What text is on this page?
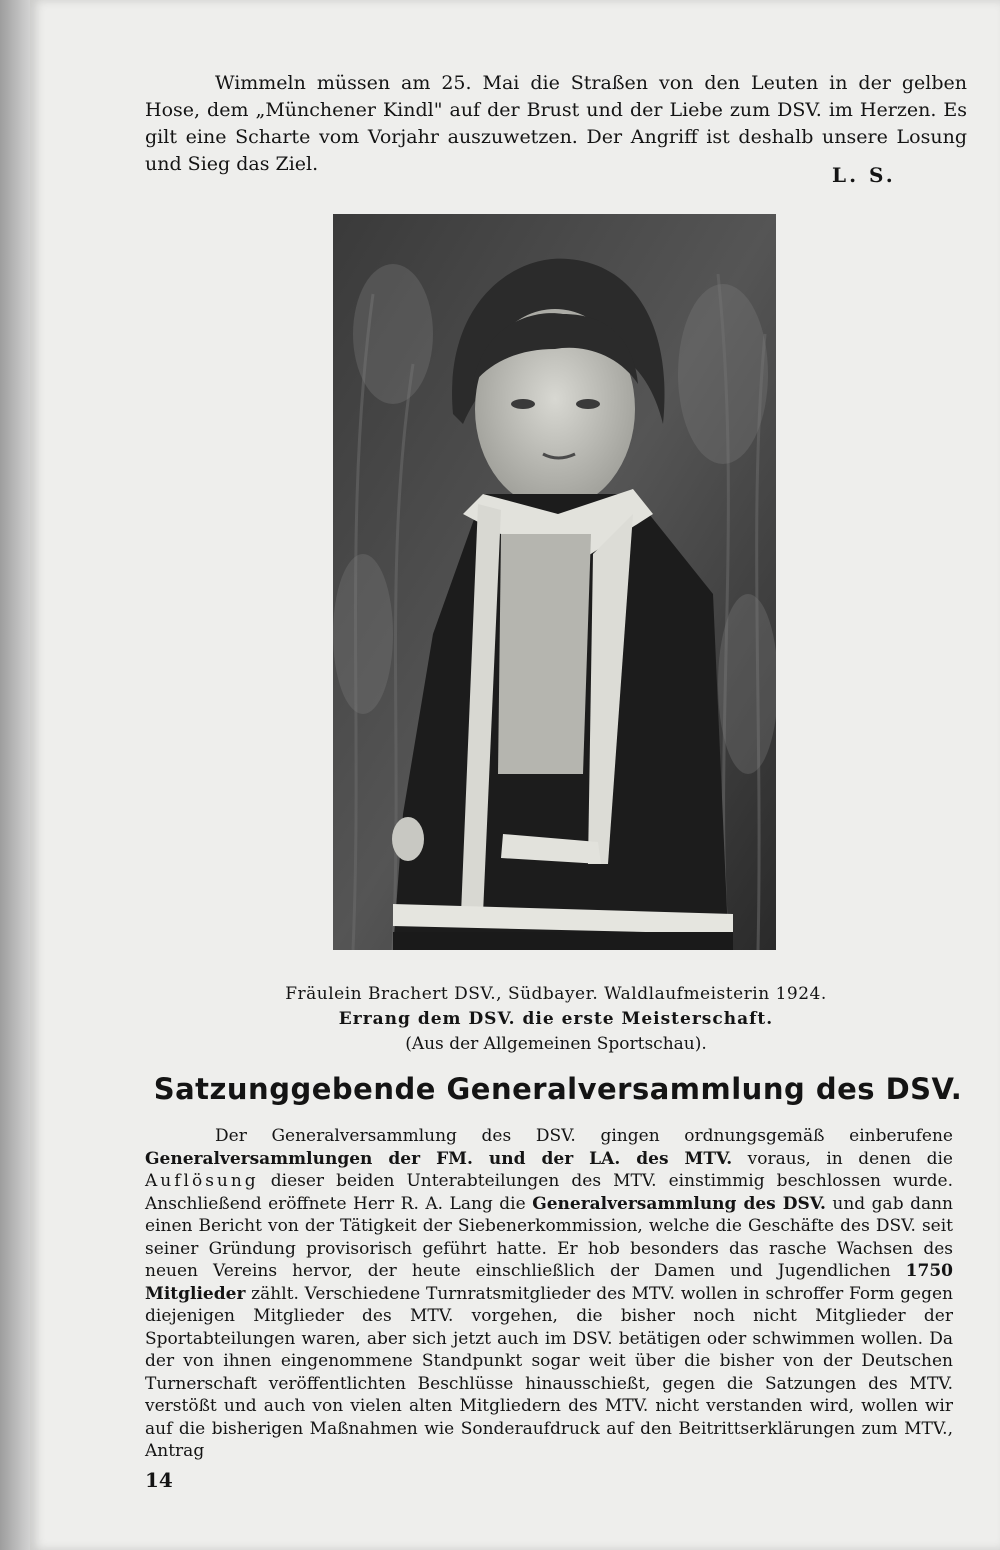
Wimmeln müssen am 25. Mai die Straßen von den Leuten in der gelben Hose, dem „Münchener Kindl" auf der Brust und der Liebe zum DSV. im Herzen. Es gilt eine Scharte vom Vorjahr auszuwetzen. Der Angriff ist deshalb unsere Losung und Sieg das Ziel.	L. S.
Fräulein Brachert DSV., Südbayer. Waldlaufmeisterin 1924.
Errang dem DSV. die erste Meisterschaft.
(Aus der Allgemeinen Sportschau).
Satzunggebende Generalversammlung des DSV.
Der Generalversammlung des DSV. gingen ordnungsgemäß einberufene Generalversammlungen der FM. und der LA. des MTV. voraus, in denen die Auflösung dieser beiden Unterabteilungen des MTV. einstimmig beschlossen wurde. Anschließend eröffnete Herr R. A. Lang die Generalversammlung des DSV. und gab dann einen Bericht von der Tätigkeit der Siebenerkommission, welche die Geschäfte des DSV. seit seiner Gründung provisorisch geführt hatte. Er hob besonders das rasche Wachsen des neuen Vereins hervor, der heute einschließlich der Damen und Jugendlichen 1750 Mitglieder zählt. Verschiedene Turnratsmitglieder des MTV. wollen in schroffer Form gegen diejenigen Mitglieder des MTV. vorgehen, die bisher noch nicht Mitglieder der Sportabteilungen waren, aber sich jetzt auch im DSV. betätigen oder schwimmen wollen. Da der von ihnen eingenommene Standpunkt sogar weit über die bisher von der Deutschen Turnerschaft veröffentlichten Beschlüsse hinausschießt, gegen die Satzungen des MTV. verstößt und auch von vielen alten Mitgliedern des MTV. nicht verstanden wird, wollen wir auf die bisherigen Maßnahmen wie Sonderaufdruck auf den Beitrittserklärungen zum MTV., Antrag
14
